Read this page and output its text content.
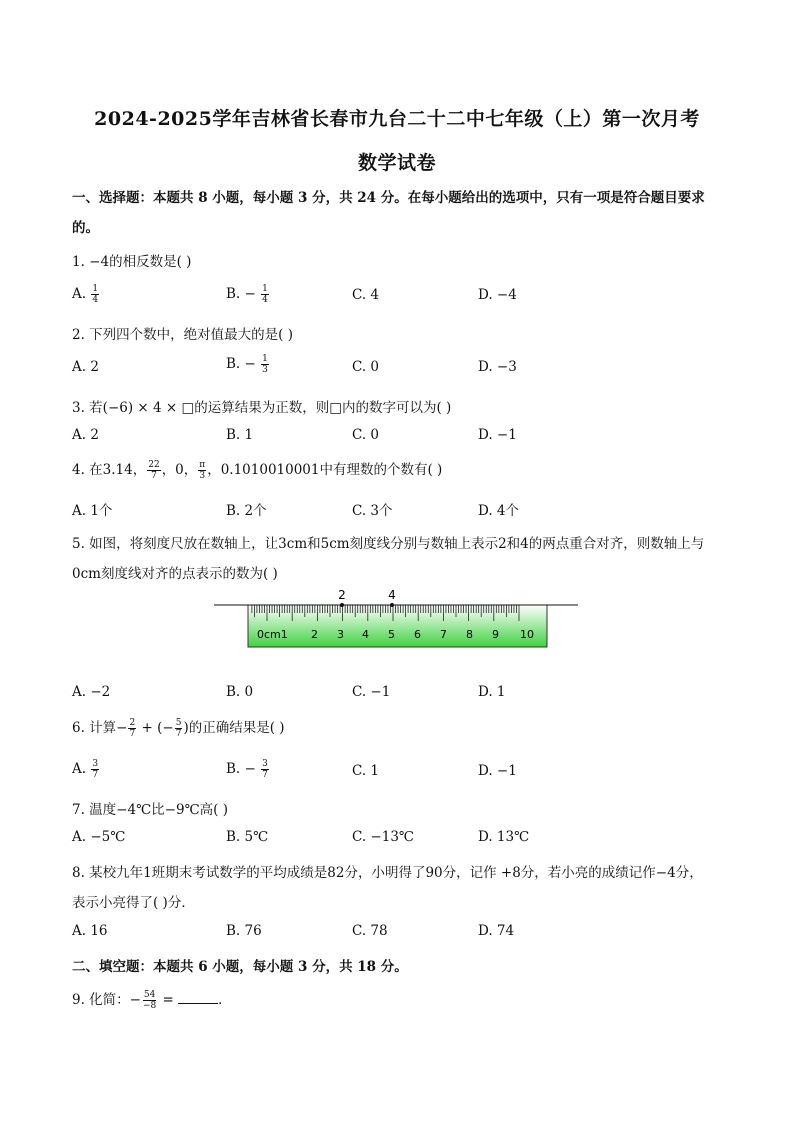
2024-2025学年吉林省长春市九台二十二中七年级（上）第一次月考
数学试卷
一、选择题：本题共 8 小题，每小题 3 分，共 24 分。在每小题给出的选项中，只有一项是符合题目要求
的。
1. −4的相反数是( )
A. $\frac{1}{4}$	B. − $\frac{1}{4}$	C. 4	D. −4
2. 下列四个数中，绝对值最大的是( )
A. 2	B. − $\frac{1}{3}$	C. 0	D. −3
3. 若(−6) × 4 × □的运算结果为正数，则□内的数字可以为( )
A. 2	B. 1	C. 0	D. −1
4. 在3.14， $\frac{22}{7}$ ，0， $\frac{\pi}{3}$ ，0.1010010001中有理数的个数有( )
A. 1个	B. 2个	C. 3个	D. 4个
5. 如图，将刻度尺放在数轴上，让3cm和5cm刻度线分别与数轴上表示2和4的两点重合对齐，则数轴上与
0cm刻度线对齐的点表示的数为( )
2	4
0cm1 2 3 4 5 6 7 8 9 10
A. −2	B. 0	C. −1	D. 1
6. 计算− $\frac{2}{7}$ + (− $\frac{5}{7}$ )的正确结果是( )
A. $\frac{3}{7}$	B. − $\frac{3}{7}$	C. 1	D. −1
7. 温度−4℃比−9℃高( )
A. −5℃	B. 5℃	C. −13℃	D. 13℃
8. 某校九年1班期末考试数学的平均成绩是82分，小明得了90分，记作 +8分，若小亮的成绩记作−4分，
表示小亮得了( )分．
A. 16	B. 76	C. 78	D. 74
二、填空题：本题共 6 小题，每小题 3 分，共 18 分。
9. 化简：− $\frac{54}{-8}$ =	．
